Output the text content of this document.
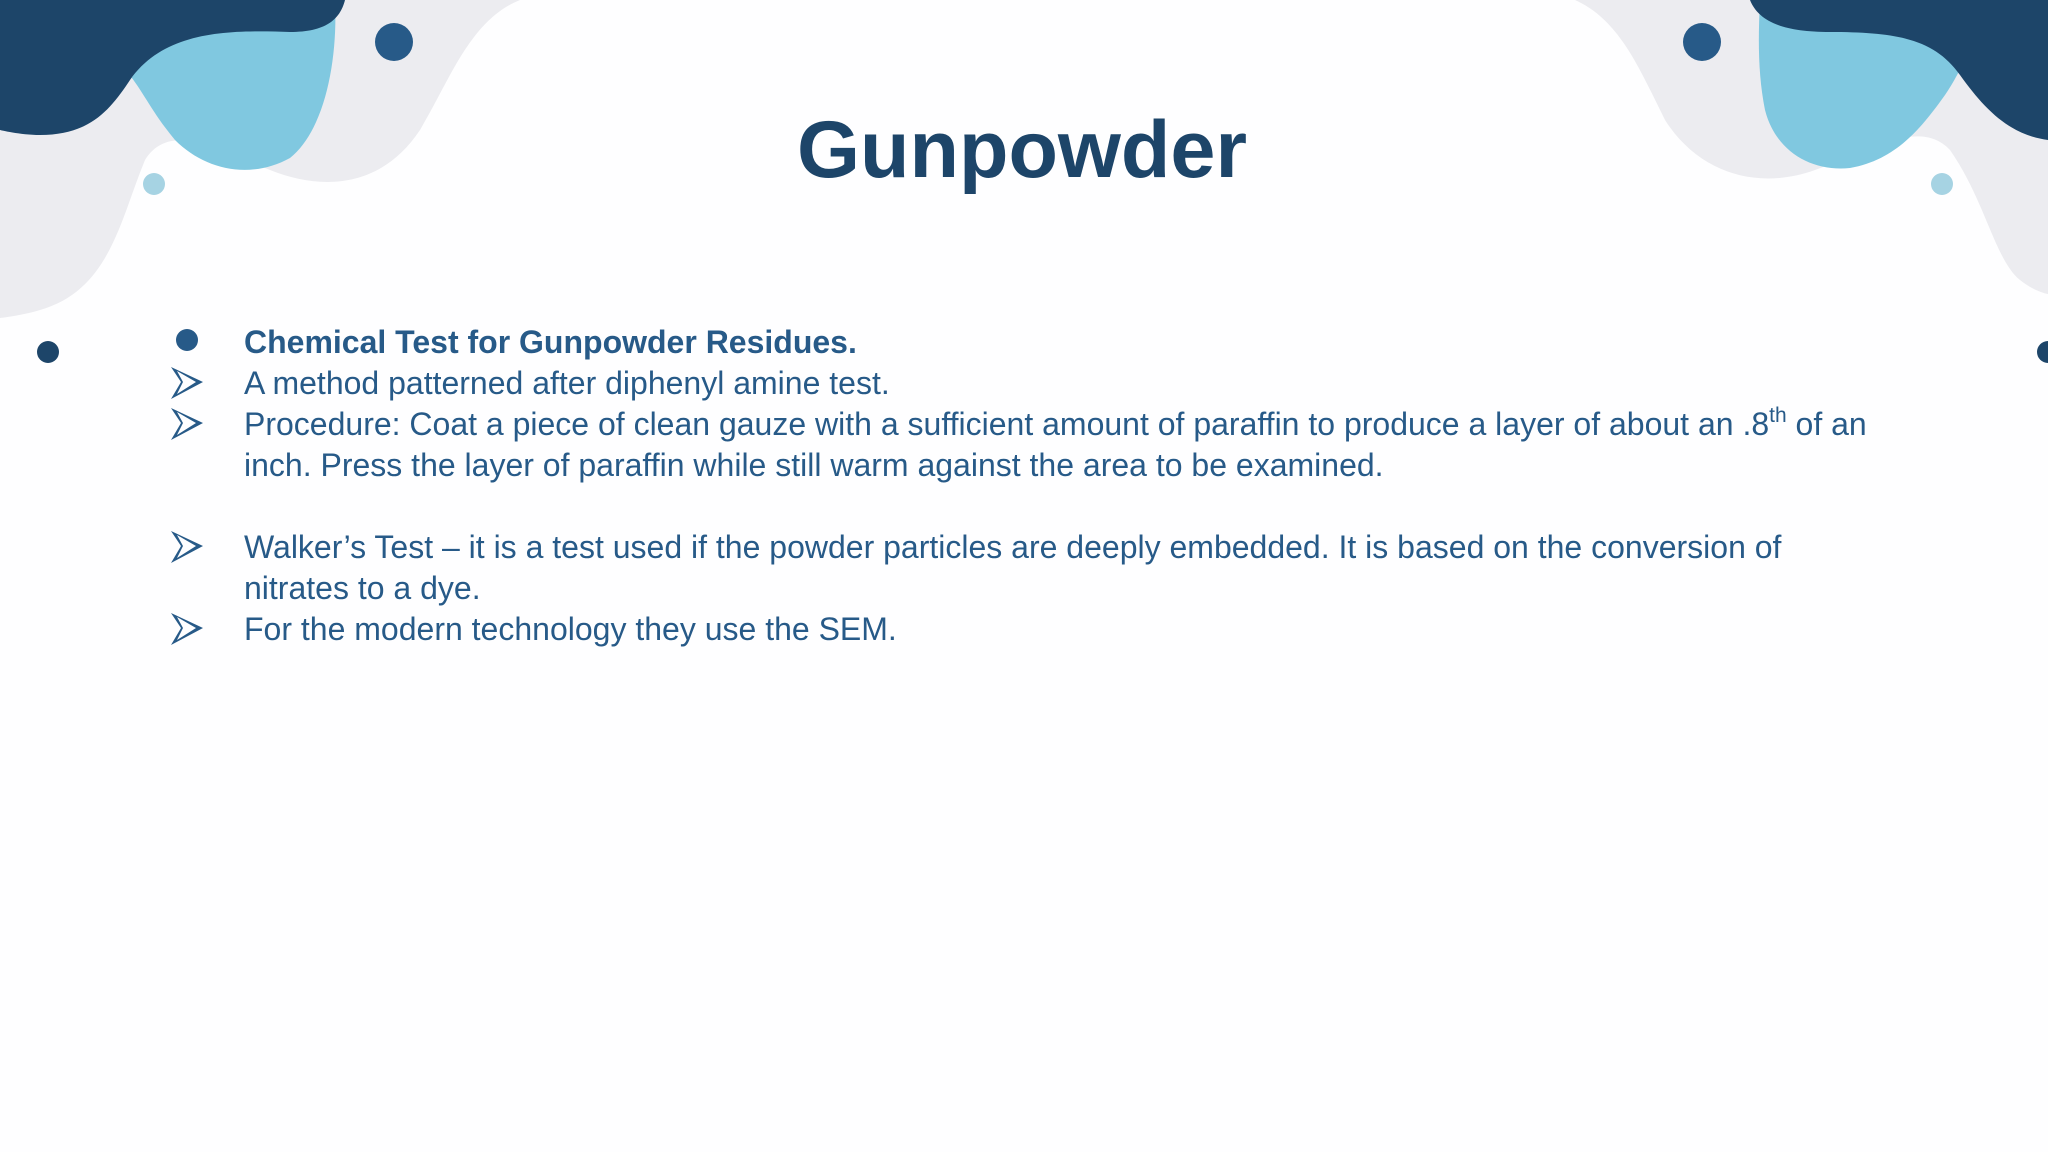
Gunpowder

Chemical Test for Gunpowder Residues.

A method patterned after diphenyl amine test.

Procedure: Coat a piece of clean gauze with a sufficient amount of paraffin to produce a layer of about an .8th of an inch. Press the layer of paraffin while still warm against the area to be examined.

Walker’s Test – it is a test used if the powder particles are deeply embedded. It is based on the conversion of nitrates to a dye.

For the modern technology they use the SEM.
